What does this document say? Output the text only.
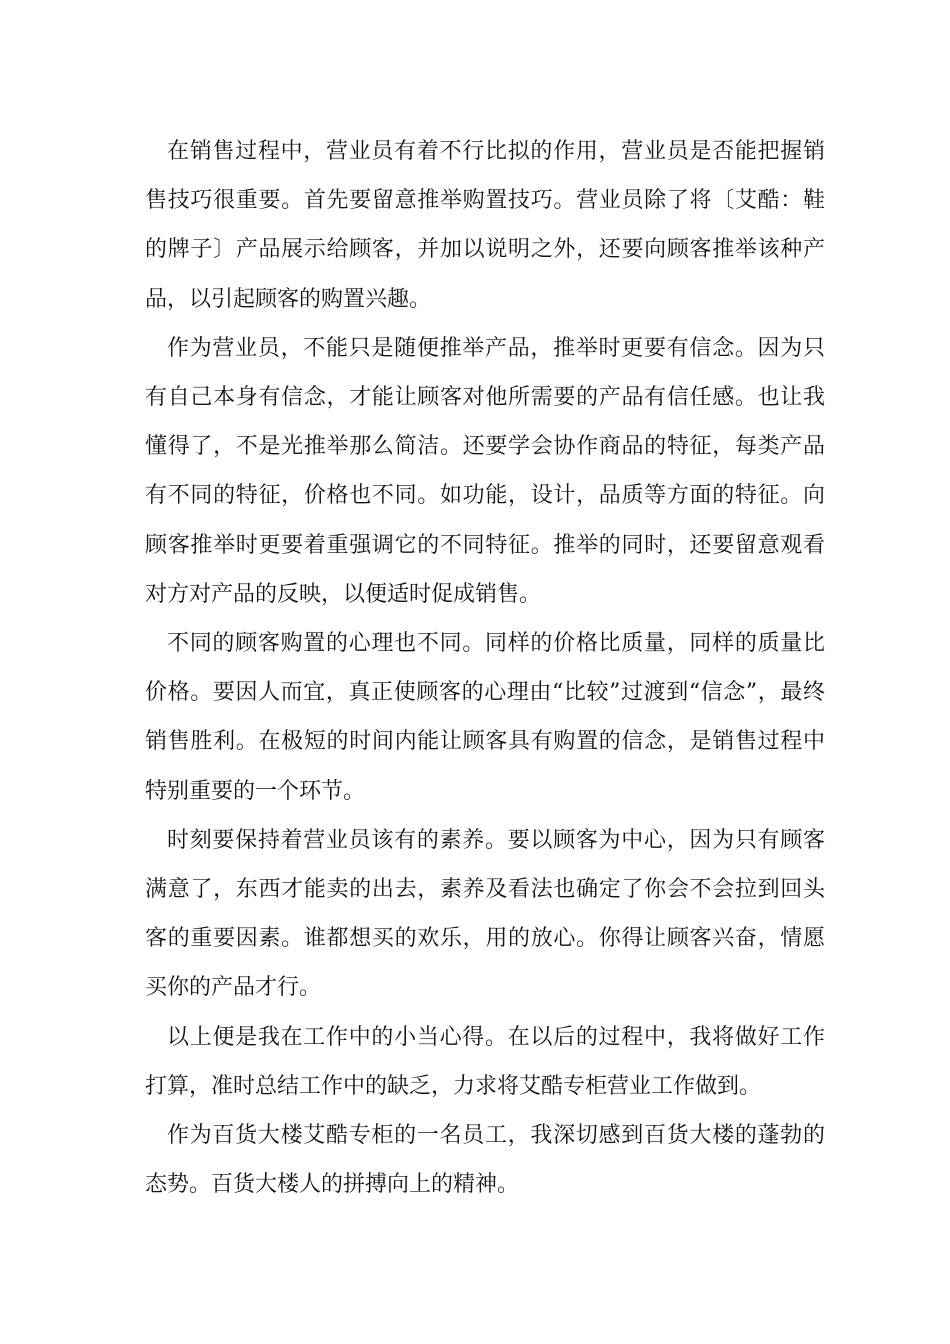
在销售过程中，营业员有着不行比拟的作用，营业员是否能把握销售技巧很重要。首先要留意推举购置技巧。营业员除了将〔艾酷：鞋的牌子〕产品展示给顾客，并加以说明之外，还要向顾客推举该种产品，以引起顾客的购置兴趣。

作为营业员，不能只是随便推举产品，推举时更要有信念。因为只有自己本身有信念，才能让顾客对他所需要的产品有信任感。也让我懂得了，不是光推举那么简洁。还要学会协作商品的特征，每类产品有不同的特征，价格也不同。如功能，设计，品质等方面的特征。向顾客推举时更要着重强调它的不同特征。推举的同时，还要留意观看对方对产品的反映，以便适时促成销售。

不同的顾客购置的心理也不同。同样的价格比质量，同样的质量比价格。要因人而宜，真正使顾客的心理由“比较”过渡到“信念”，最终销售胜利。在极短的时间内能让顾客具有购置的信念，是销售过程中特别重要的一个环节。

时刻要保持着营业员该有的素养。要以顾客为中心，因为只有顾客满意了，东西才能卖的出去，素养及看法也确定了你会不会拉到回头客的重要因素。谁都想买的欢乐，用的放心。你得让顾客兴奋，情愿买你的产品才行。

以上便是我在工作中的小当心得。在以后的过程中，我将做好工作打算，准时总结工作中的缺乏，力求将艾酷专柜营业工作做到。

作为百货大楼艾酷专柜的一名员工，我深切感到百货大楼的蓬勃的态势。百货大楼人的拼搏向上的精神。
